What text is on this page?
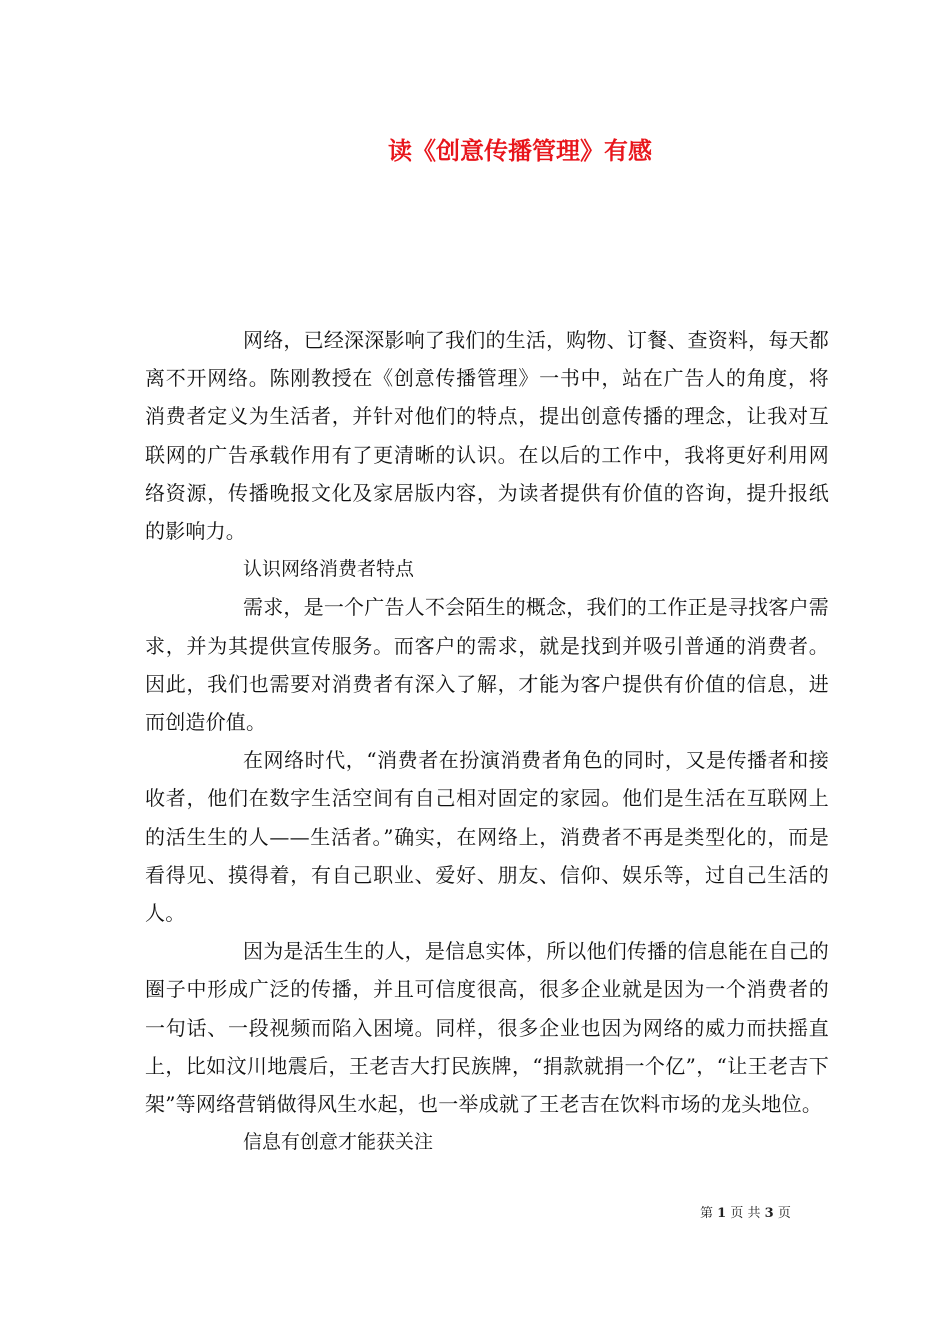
读《创意传播管理》有感

网络，已经深深影响了我们的生活，购物、订餐、查资料，每天都离不开网络。陈刚教授在《创意传播管理》一书中，站在广告人的角度，将消费者定义为生活者，并针对他们的特点，提出创意传播的理念，让我对互联网的广告承载作用有了更清晰的认识。在以后的工作中，我将更好利用网络资源，传播晚报文化及家居版内容，为读者提供有价值的咨询，提升报纸的影响力。

认识网络消费者特点

需求，是一个广告人不会陌生的概念，我们的工作正是寻找客户需求，并为其提供宣传服务。而客户的需求，就是找到并吸引普通的消费者。因此，我们也需要对消费者有深入了解，才能为客户提供有价值的信息，进而创造价值。

在网络时代，“消费者在扮演消费者角色的同时，又是传播者和接收者，他们在数字生活空间有自己相对固定的家园。他们是生活在互联网上的活生生的人——生活者。”确实，在网络上，消费者不再是类型化的，而是看得见、摸得着，有自己职业、爱好、朋友、信仰、娱乐等，过自己生活的人。

因为是活生生的人，是信息实体，所以他们传播的信息能在自己的圈子中形成广泛的传播，并且可信度很高，很多企业就是因为一个消费者的一句话、一段视频而陷入困境。同样，很多企业也因为网络的威力而扶摇直上，比如汶川地震后，王老吉大打民族牌，“捐款就捐一个亿”，“让王老吉下架”等网络营销做得风生水起，也一举成就了王老吉在饮料市场的龙头地位。

信息有创意才能获关注

第 1 页 共 3 页
